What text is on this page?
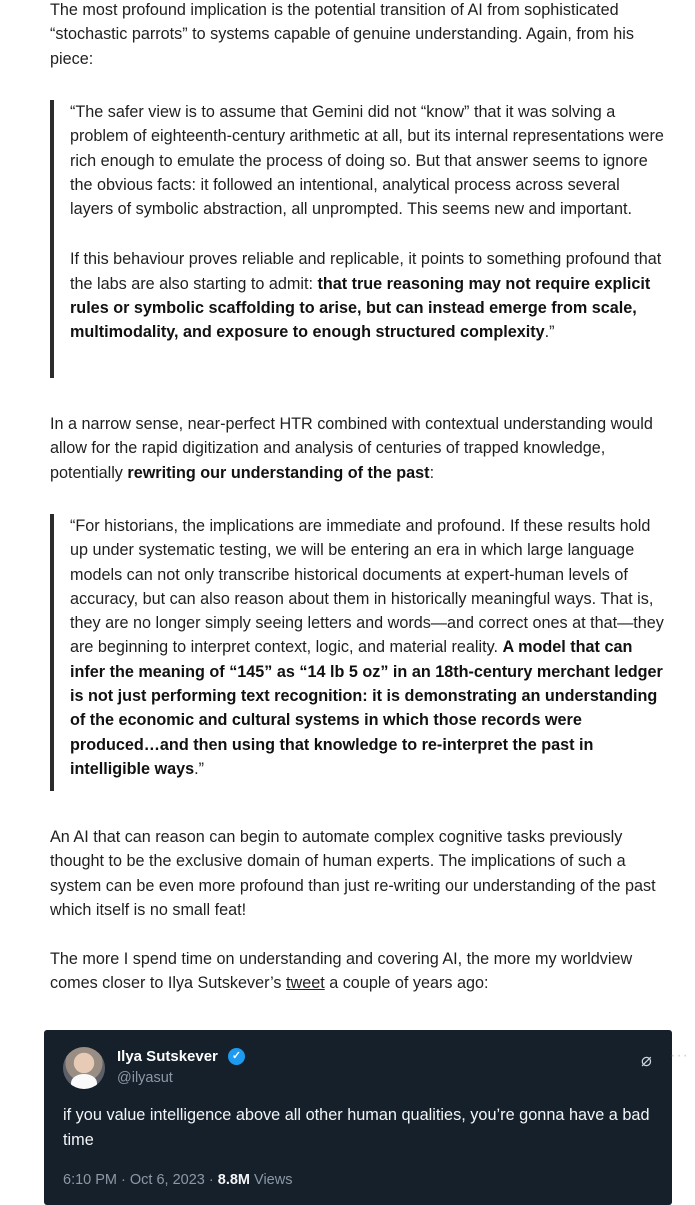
The most profound implication is the potential transition of AI from sophisticated “stochastic parrots” to systems capable of genuine understanding. Again, from his piece:

“The safer view is to assume that Gemini did not “know” that it was solving a problem of eighteenth-century arithmetic at all, but its internal representations were rich enough to emulate the process of doing so. But that answer seems to ignore the obvious facts: it followed an intentional, analytical process across several layers of symbolic abstraction, all unprompted. This seems new and important.

If this behaviour proves reliable and replicable, it points to something profound that the labs are also starting to admit: that true reasoning may not require explicit rules or symbolic scaffolding to arise, but can instead emerge from scale, multimodality, and exposure to enough structured complexity.”

In a narrow sense, near-perfect HTR combined with contextual understanding would allow for the rapid digitization and analysis of centuries of trapped knowledge, potentially rewriting our understanding of the past:

“For historians, the implications are immediate and profound. If these results hold up under systematic testing, we will be entering an era in which large language models can not only transcribe historical documents at expert-human levels of accuracy, but can also reason about them in historically meaningful ways. That is, they are no longer simply seeing letters and words—and correct ones at that—they are beginning to interpret context, logic, and material reality. A model that can infer the meaning of “145” as “14 lb 5 oz” in an 18th-century merchant ledger is not just performing text recognition: it is demonstrating an understanding of the economic and cultural systems in which those records were produced…and then using that knowledge to re-interpret the past in intelligible ways.”

An AI that can reason can begin to automate complex cognitive tasks previously thought to be the exclusive domain of human experts. The implications of such a system can be even more profound than just re-writing our understanding of the past which itself is no small feat!

The more I spend time on understanding and covering AI, the more my worldview comes closer to Ilya Sutskever’s tweet a couple of years ago:

Ilya Sutskever	✓
@ilyasut
⌀ ···
if you value intelligence above all other human qualities, you’re gonna have a bad time
6:10 PM · Oct 6, 2023 · 8.8M Views
